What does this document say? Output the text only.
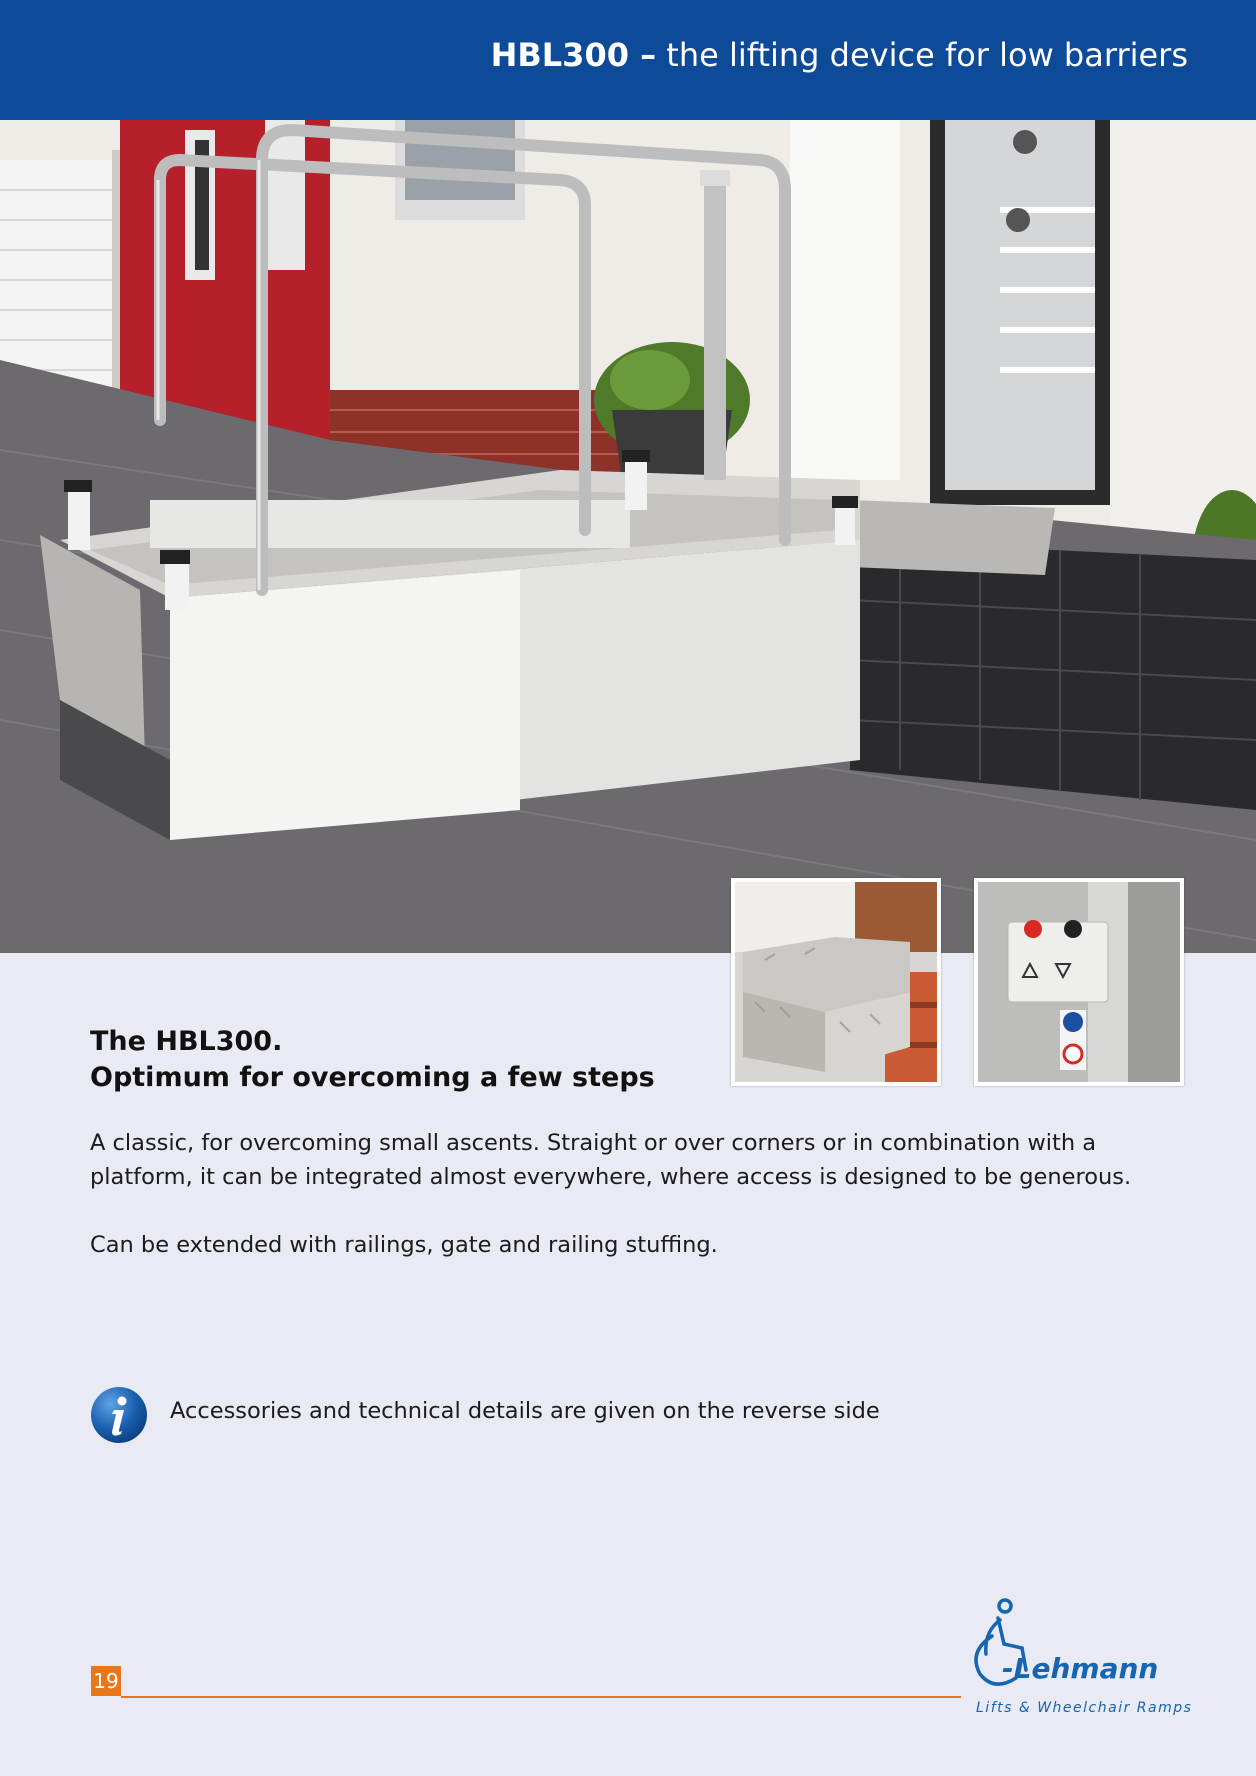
HBL300 – the lifting device for low barriers
The HBL300.
Optimum for overcoming a few steps
A classic, for overcoming small ascents. Straight or over corners or in combination with a platform, it can be integrated almost everywhere, where access is designed to be generous.
Can be extended with railings, gate and railing stuffing.
Accessories and technical details are given on the reverse side
19	-Lehmann
Lifts & Wheelchair Ramps
